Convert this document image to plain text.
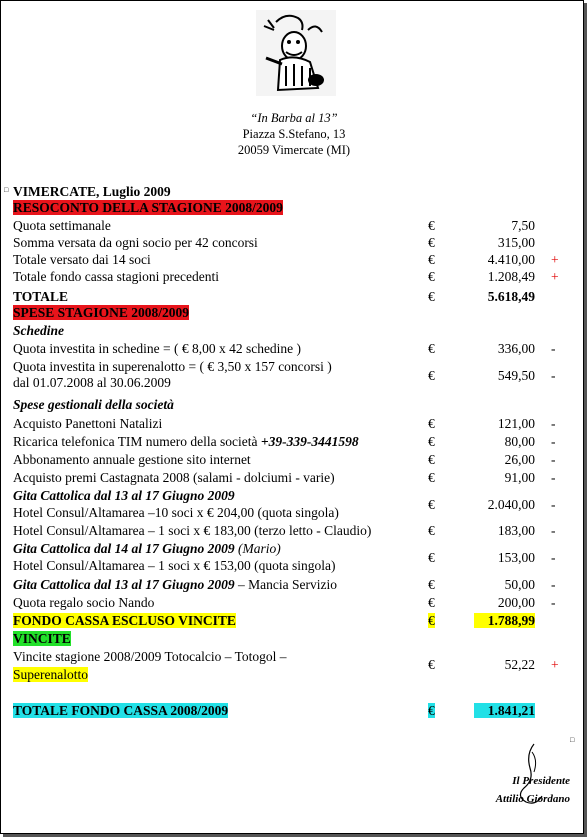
“In Barba al 13”
Piazza S.Stefano, 13
20059 Vimercate (MI)
□
□
VIMERCATE, Luglio 2009
RESOCONTO DELLA STAGIONE 2008/2009
Quota settimanale	€	7,50
Somma versata da ogni socio per 42 concorsi	€	315,00
Totale versato dai 14 soci	€	4.410,00 +
Totale fondo cassa stagioni precedenti	€	1.208,49 +
TOTALE	€	5.618,49
SPESE STAGIONE 2008/2009
Schedine
Quota investita in schedine = ( € 8,00 x 42 schedine )	€	336,00 -
Quota investita in superenalotto = ( € 3,50 x 157 concorsi )
dal 01.07.2008 al 30.06.2009	€	549,50 -
Spese gestionali della società
Acquisto Panettoni Natalizi	€	121,00 -
Ricarica telefonica TIM numero della società +39-339-3441598	€	80,00 -
Abbonamento annuale gestione sito internet	€	26,00 -
Acquisto premi Castagnata 2008 (salami - dolciumi - varie)	€	91,00 -
Gita Cattolica dal 13 al 17 Giugno 2009
Hotel Consul/Altamarea –10 soci x € 204,00 (quota singola)
€	2.040,00 -
Hotel Consul/Altamarea – 1 soci x € 183,00 (terzo letto - Claudio)	€	183,00 -
Gita Cattolica dal 14 al 17 Giugno 2009 (Mario)
Hotel Consul/Altamarea – 1 soci x € 153,00 (quota singola)
€	153,00 -
Gita Cattolica dal 13 al 17 Giugno 2009 – Mancia Servizio	€	50,00 -
Quota regalo socio Nando	€	200,00 -
FONDO CASSA ESCLUSO VINCITE	€	1.788,99
VINCITE
Vincite stagione 2008/2009 Totocalcio – Totogol –
Superenalotto
€	52,22 +
TOTALE FONDO CASSA 2008/2009	€	1.841,21
Il Presidente
Attilio Giordano
